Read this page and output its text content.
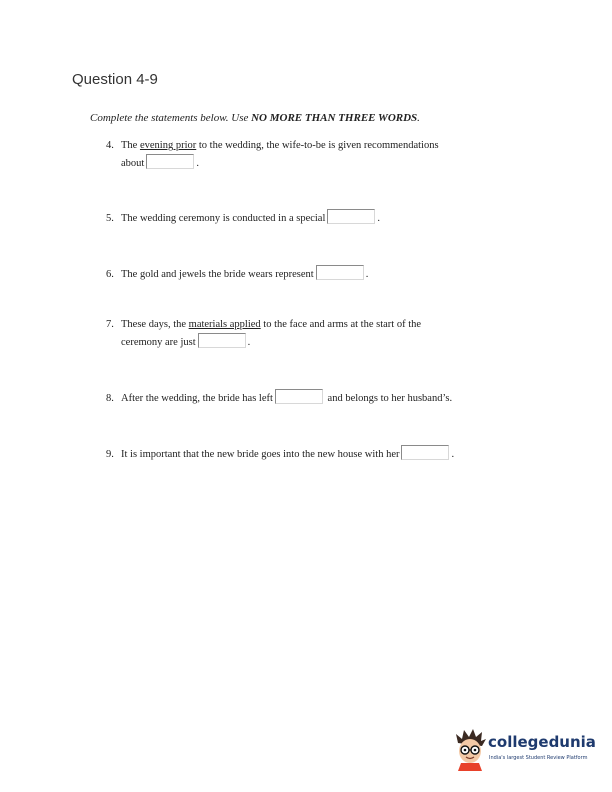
Question 4-9
Complete the statements below. Use NO MORE THAN THREE WORDS.
4. The evening prior to the wedding, the wife-to-be is given recommendations
about	.
5. The wedding ceremony is conducted in a special	.
6. The gold and jewels the bride wears represent	.
7. These days, the materials applied to the face and arms at the start of the
ceremony are just	.
8. After the wedding, the bride has left	and belongs to her husband’s.
9. It is important that the new bride goes into the new house with her	.
collegedunia
India's largest Student Review Platform
